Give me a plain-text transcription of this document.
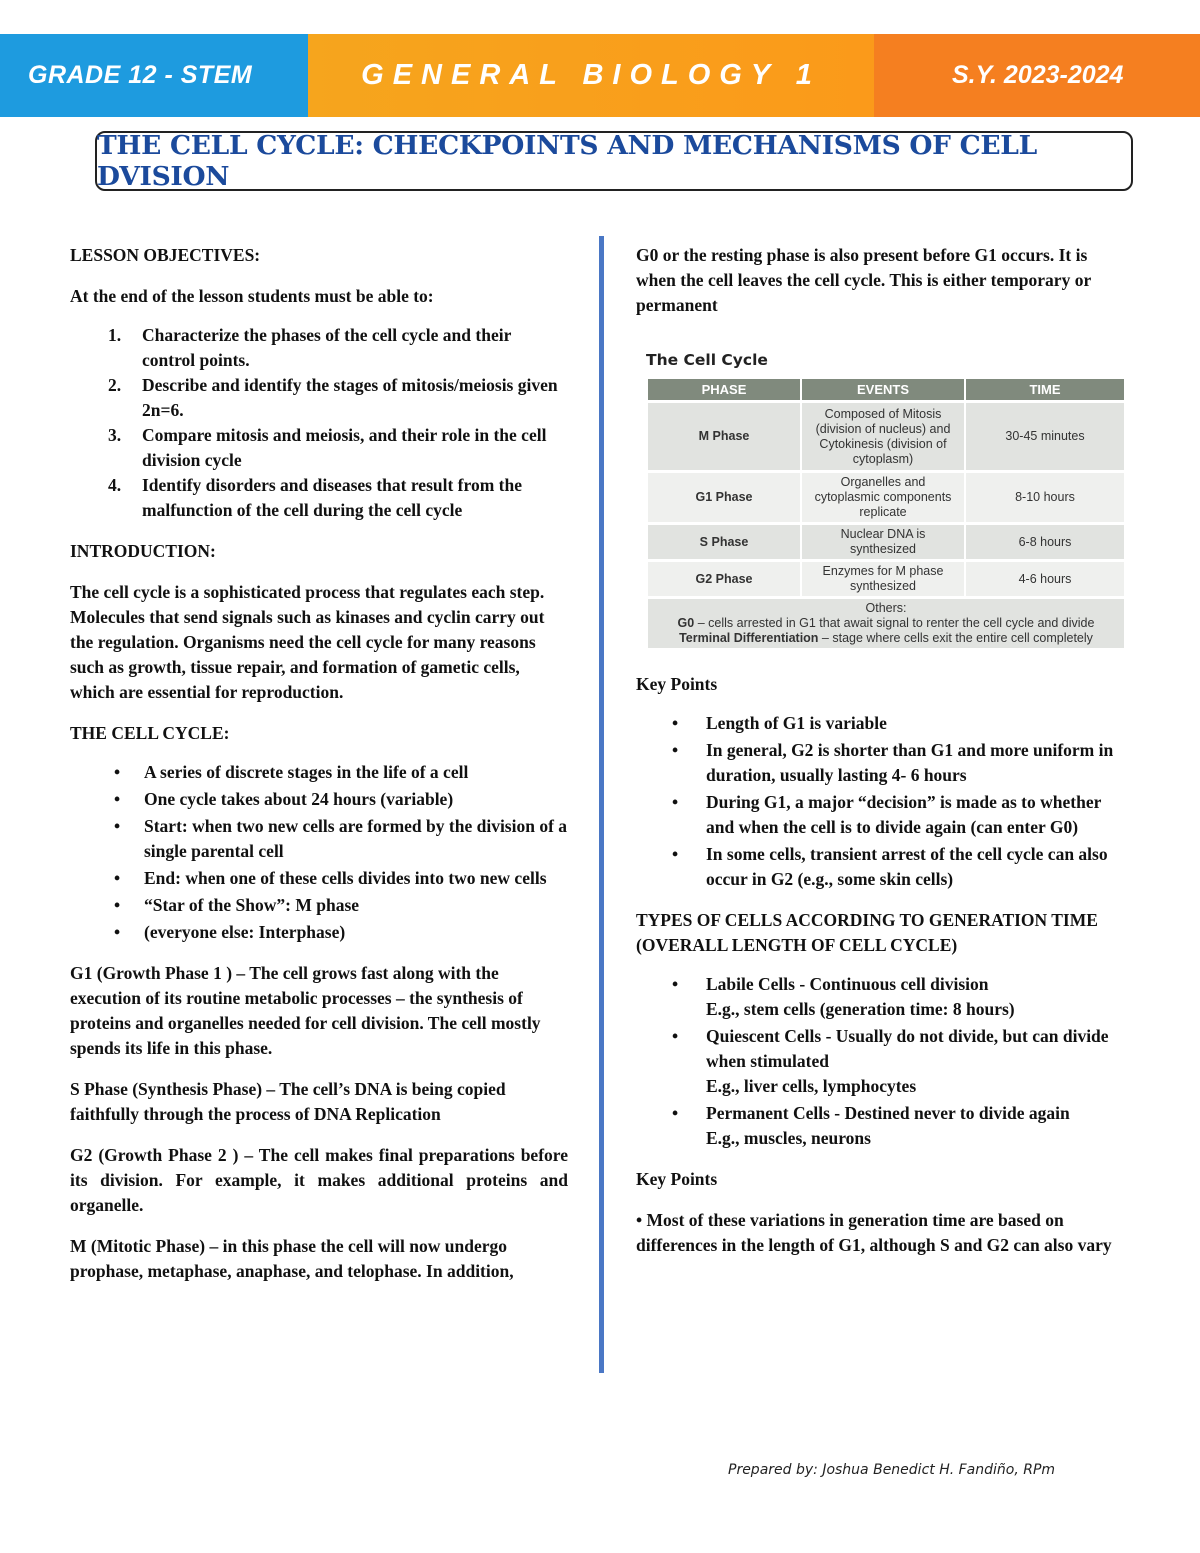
GRADE 12 - STEM	GENERAL BIOLOGY 1	S.Y. 2023-2024
THE CELL CYCLE: CHECKPOINTS AND MECHANISMS OF CELL DVISION

LESSON OBJECTIVES:

At the end of the lesson students must be able to:

1. Characterize the phases of the cell cycle and their control points.
2. Describe and identify the stages of mitosis/meiosis given 2n=6.
3. Compare mitosis and meiosis, and their role in the cell division cycle
4. Identify disorders and diseases that result from the malfunction of the cell during the cell cycle

INTRODUCTION:

The cell cycle is a sophisticated process that regulates each step. Molecules that send signals such as kinases and cyclin carry out the regulation. Organisms need the cell cycle for many reasons such as growth, tissue repair, and formation of gametic cells, which are essential for reproduction.

THE CELL CYCLE:

• A series of discrete stages in the life of a cell
• One cycle takes about 24 hours (variable)
• Start: when two new cells are formed by the division of a single parental cell
• End: when one of these cells divides into two new cells
• “Star of the Show”: M phase
• (everyone else: Interphase)

G1 (Growth Phase 1 ) – The cell grows fast along with the execution of its routine metabolic processes – the synthesis of proteins and organelles needed for cell division. The cell mostly spends its life in this phase.

S Phase (Synthesis Phase) – The cell’s DNA is being copied faithfully through the process of DNA Replication

G2 (Growth Phase 2 ) – The cell makes final preparations before its division. For example, it makes additional proteins and organelle.

M (Mitotic Phase) – in this phase the cell will now undergo prophase, metaphase, anaphase, and telophase. In addition,

G0 or the resting phase is also present before G1 occurs. It is when the cell leaves the cell cycle. This is either temporary or permanent

The Cell Cycle
PHASE	EVENTS	TIME
M Phase	Composed of Mitosis (division of nucleus) and Cytokinesis (division of cytoplasm)	30-45 minutes
G1 Phase	Organelles and cytoplasmic components replicate	8-10 hours
S Phase	Nuclear DNA is synthesized	6-8 hours
G2 Phase	Enzymes for M phase synthesized	4-6 hours

Others:
G0 – cells arrested in G1 that await signal to renter the cell cycle and divide
Terminal Differentiation – stage where cells exit the entire cell completely		

Key Points

• Length of G1 is variable
• In general, G2 is shorter than G1 and more uniform in duration, usually lasting 4- 6 hours
• During G1, a major “decision” is made as to whether and when the cell is to divide again (can enter G0)
• In some cells, transient arrest of the cell cycle can also occur in G2 (e.g., some skin cells)

TYPES OF CELLS ACCORDING TO GENERATION TIME (OVERALL LENGTH OF CELL CYCLE)

• Labile Cells - Continuous cell division
E.g., stem cells (generation time: 8 hours)
• Quiescent Cells - Usually do not divide, but can divide when stimulated
E.g., liver cells, lymphocytes
• Permanent Cells - Destined never to divide again
E.g., muscles, neurons

Key Points

• Most of these variations in generation time are based on differences in the length of G1, although S and G2 can also vary

Prepared by: Joshua Benedict H. Fandiño, RPm
